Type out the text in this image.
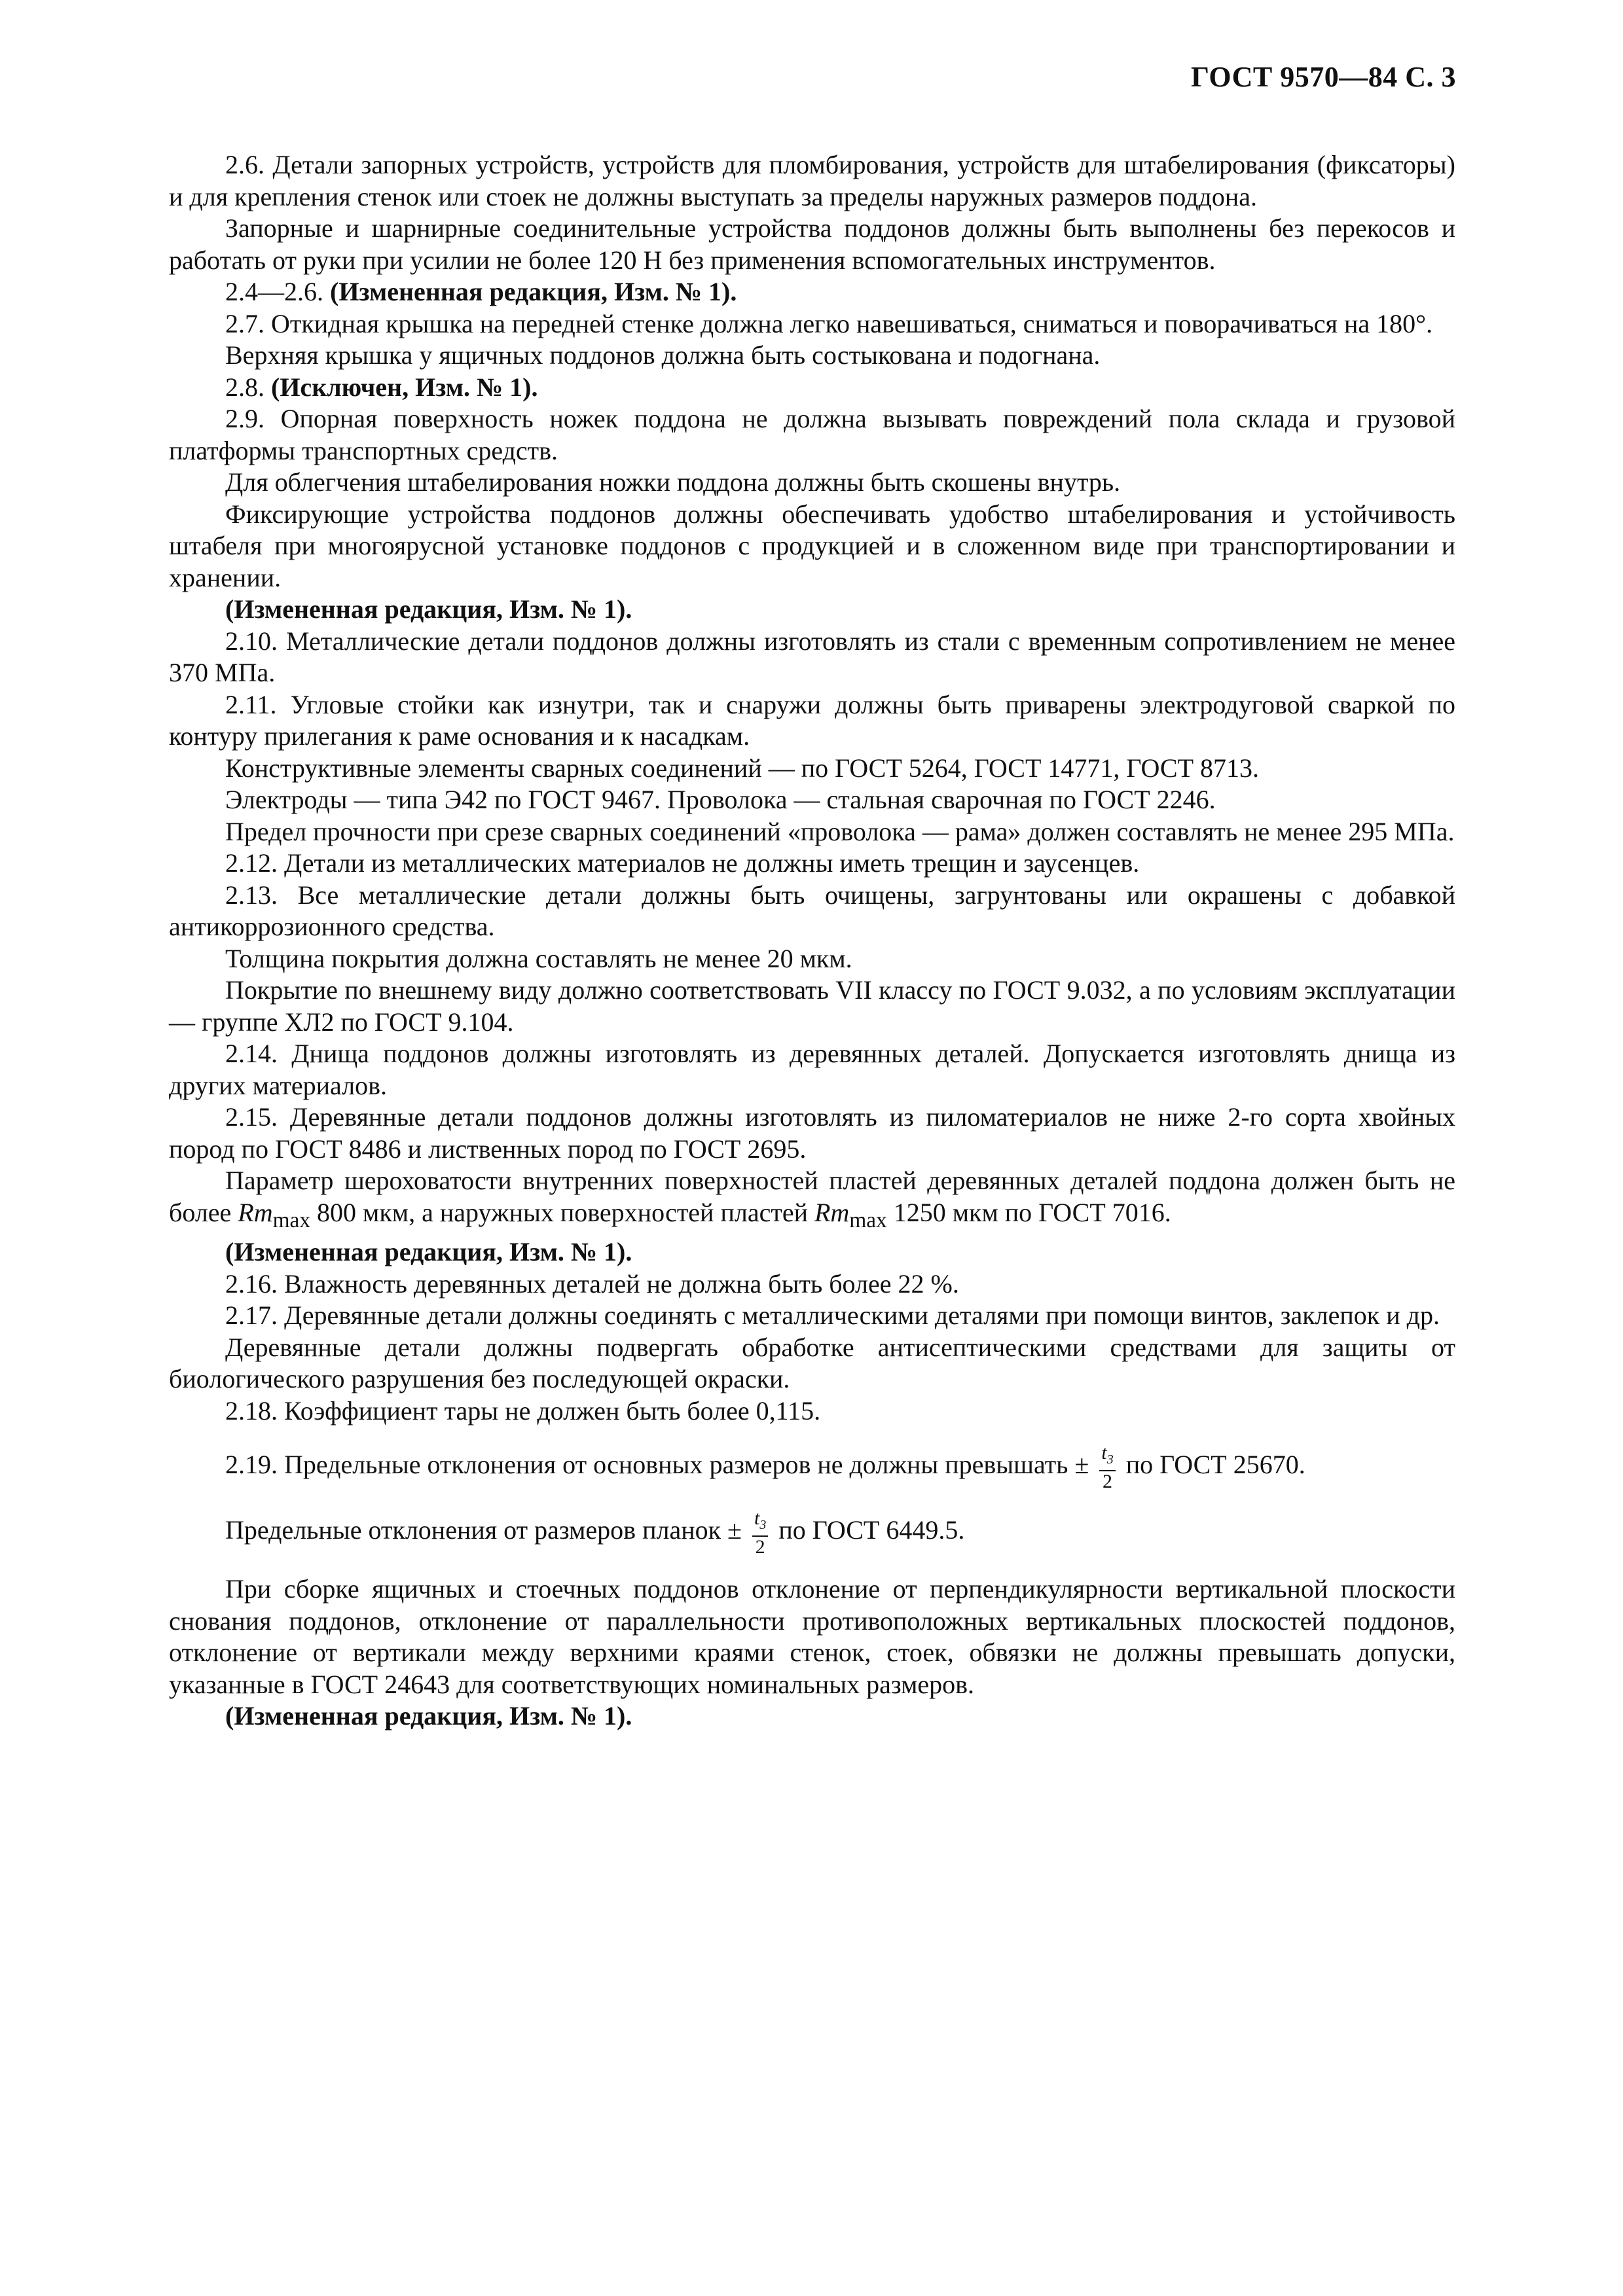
ГОСТ 9570—84 С. 3

2.6. Детали запорных устройств, устройств для пломбирования, устройств для штабелирования (фиксаторы) и для крепления стенок или стоек не должны выступать за пределы наружных размеров поддона.

Запорные и шарнирные соединительные устройства поддонов должны быть выполнены без перекосов и работать от руки при усилии не более 120 Н без применения вспомогательных инструментов.

2.4—2.6. (Измененная редакция, Изм. № 1).

2.7. Откидная крышка на передней стенке должна легко навешиваться, сниматься и поворачиваться на 180°.

Верхняя крышка у ящичных поддонов должна быть состыкована и подогнана.

2.8. (Исключен, Изм. № 1).

2.9. Опорная поверхность ножек поддона не должна вызывать повреждений пола склада и грузовой платформы транспортных средств.

Для облегчения штабелирования ножки поддона должны быть скошены внутрь.

Фиксирующие устройства поддонов должны обеспечивать удобство штабелирования и устойчивость штабеля при многоярусной установке поддонов с продукцией и в сложенном виде при транспортировании и хранении.

(Измененная редакция, Изм. № 1).

2.10. Металлические детали поддонов должны изготовлять из стали с временным сопротивлением не менее 370 МПа.

2.11. Угловые стойки как изнутри, так и снаружи должны быть приварены электродуговой сваркой по контуру прилегания к раме основания и к насадкам.

Конструктивные элементы сварных соединений — по ГОСТ 5264, ГОСТ 14771, ГОСТ 8713.

Электроды — типа Э42 по ГОСТ 9467. Проволока — стальная сварочная по ГОСТ 2246.

Предел прочности при срезе сварных соединений «проволока — рама» должен составлять не менее 295 МПа.

2.12. Детали из металлических материалов не должны иметь трещин и заусенцев.

2.13. Все металлические детали должны быть очищены, загрунтованы или окрашены с добавкой антикоррозионного средства.

Толщина покрытия должна составлять не менее 20 мкм.

Покрытие по внешнему виду должно соответствовать VII классу по ГОСТ 9.032, а по условиям эксплуатации — группе ХЛ2 по ГОСТ 9.104.

2.14. Днища поддонов должны изготовлять из деревянных деталей. Допускается изготовлять днища из других материалов.

2.15. Деревянные детали поддонов должны изготовлять из пиломатериалов не ниже 2-го сорта хвойных пород по ГОСТ 8486 и лиственных пород по ГОСТ 2695.

Параметр шероховатости внутренних поверхностей пластей деревянных деталей поддона должен быть не более $Rm_{max}$ 800 мкм, а наружных поверхностей пластей $Rm_{max}$ 1250 мкм по ГОСТ 7016.

(Измененная редакция, Изм. № 1).

2.16. Влажность деревянных деталей не должна быть более 22 %.

2.17. Деревянные детали должны соединять с металлическими деталями при помощи винтов, заклепок и др.

Деревянные детали должны подвергать обработке антисептическими средствами для защиты от биологического разрушения без последующей окраски.

2.18. Коэффициент тары не должен быть более 0,115.

2.19. Предельные отклонения от основных размеров не должны превышать ± $\frac{t_3}{2}$ по ГОСТ 25670.

Предельные отклонения от размеров планок ± $\frac{t_3}{2}$ по ГОСТ 6449.5.

При сборке ящичных и стоечных поддонов отклонение от перпендикулярности вертикальной плоскости снования поддонов, отклонение от параллельности противоположных вертикальных плоскостей поддонов, отклонение от вертикали между верхними краями стенок, стоек, обвязки не должны превышать допуски, указанные в ГОСТ 24643 для соответствующих номинальных размеров.

(Измененная редакция, Изм. № 1).
